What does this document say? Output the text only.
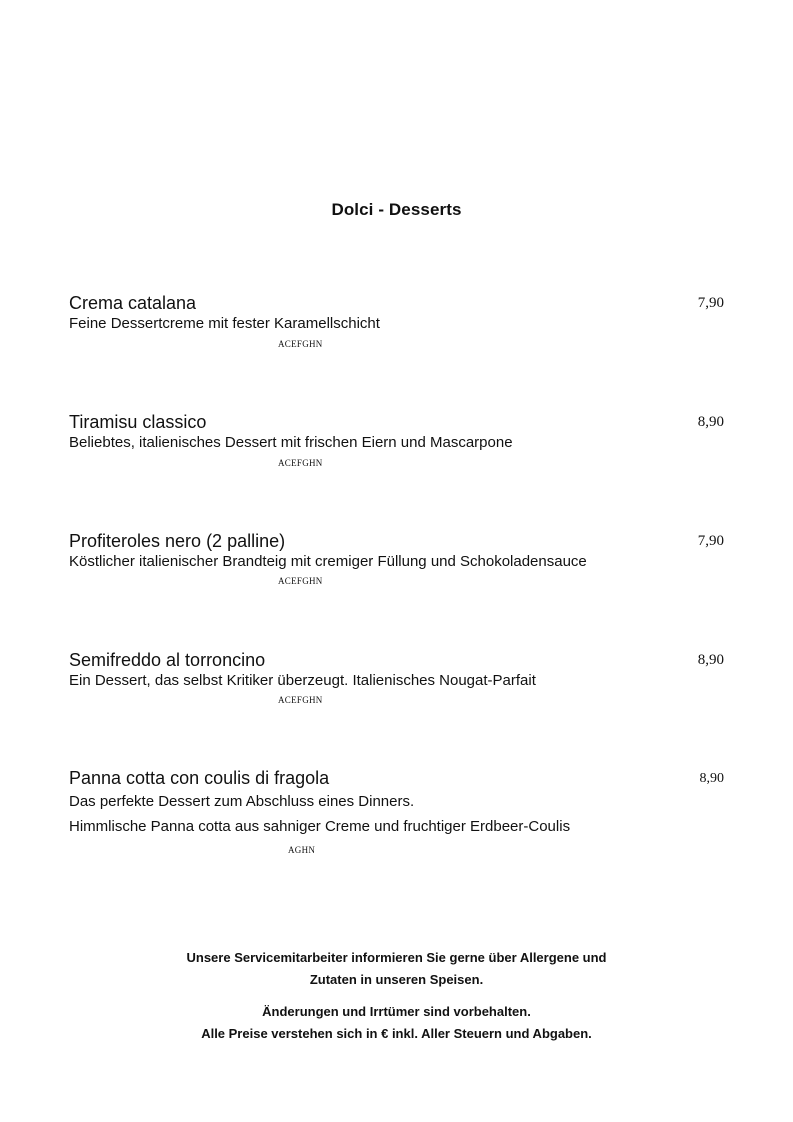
Dolci - Desserts
Crema catalana	7,90
Feine Dessertcreme mit fester Karamellschicht
ACEFGHN
Tiramisu classico	8,90
Beliebtes, italienisches Dessert mit frischen Eiern und Mascarpone
ACEFGHN
Profiteroles nero (2 palline)	7,90
Köstlicher italienischer Brandteig mit cremiger Füllung und Schokoladensauce
ACEFGHN
Semifreddo al torroncino	8,90
Ein Dessert, das selbst Kritiker überzeugt. Italienisches Nougat-Parfait
ACEFGHN
Panna cotta con coulis di fragola	8,90
Das perfekte Dessert zum Abschluss eines Dinners.
Himmlische Panna cotta aus sahniger Creme und fruchtiger Erdbeer-Coulis
AGHN
Unsere Servicemitarbeiter informieren Sie gerne über Allergene und
Zutaten in unseren Speisen.
Änderungen und Irrtümer sind vorbehalten.
Alle Preise verstehen sich in € inkl. Aller Steuern und Abgaben.
